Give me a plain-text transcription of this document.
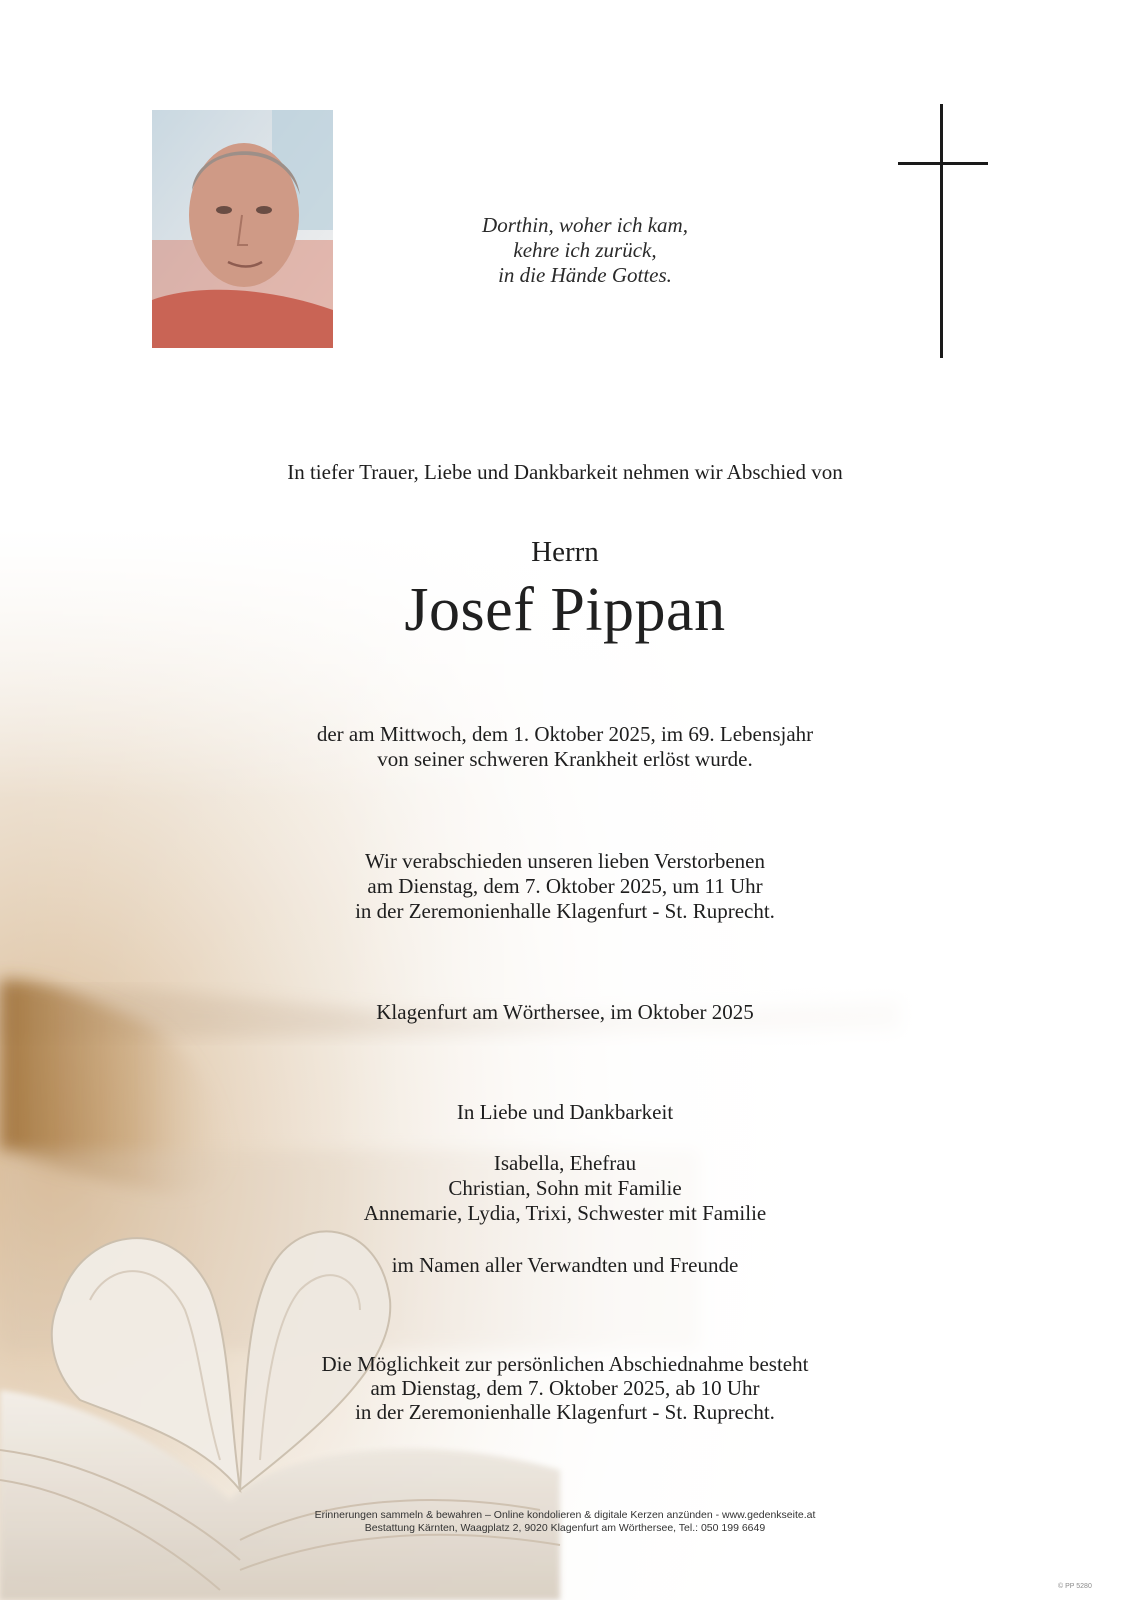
Dorthin, woher ich kam,
kehre ich zurück,
in die Hände Gottes.
In tiefer Trauer, Liebe und Dankbarkeit nehmen wir Abschied von
Herrn
Josef Pippan
der am Mittwoch, dem 1. Oktober 2025, im 69. Lebensjahr
von seiner schweren Krankheit erlöst wurde.
Wir verabschieden unseren lieben Verstorbenen
am Dienstag, dem 7. Oktober 2025, um 11 Uhr
in der Zeremonienhalle Klagenfurt - St. Ruprecht.
Klagenfurt am Wörthersee, im Oktober 2025
In Liebe und Dankbarkeit
Isabella, Ehefrau
Christian, Sohn mit Familie
Annemarie, Lydia, Trixi, Schwester mit Familie
im Namen aller Verwandten und Freunde
Die Möglichkeit zur persönlichen Abschiednahme besteht
am Dienstag, dem 7. Oktober 2025, ab 10 Uhr
in der Zeremonienhalle Klagenfurt - St. Ruprecht.
Erinnerungen sammeln & bewahren – Online kondolieren & digitale Kerzen anzünden - www.gedenkseite.at
Bestattung Kärnten, Waagplatz 2, 9020 Klagenfurt am Wörthersee, Tel.: 050 199 6649
© PP 5280
